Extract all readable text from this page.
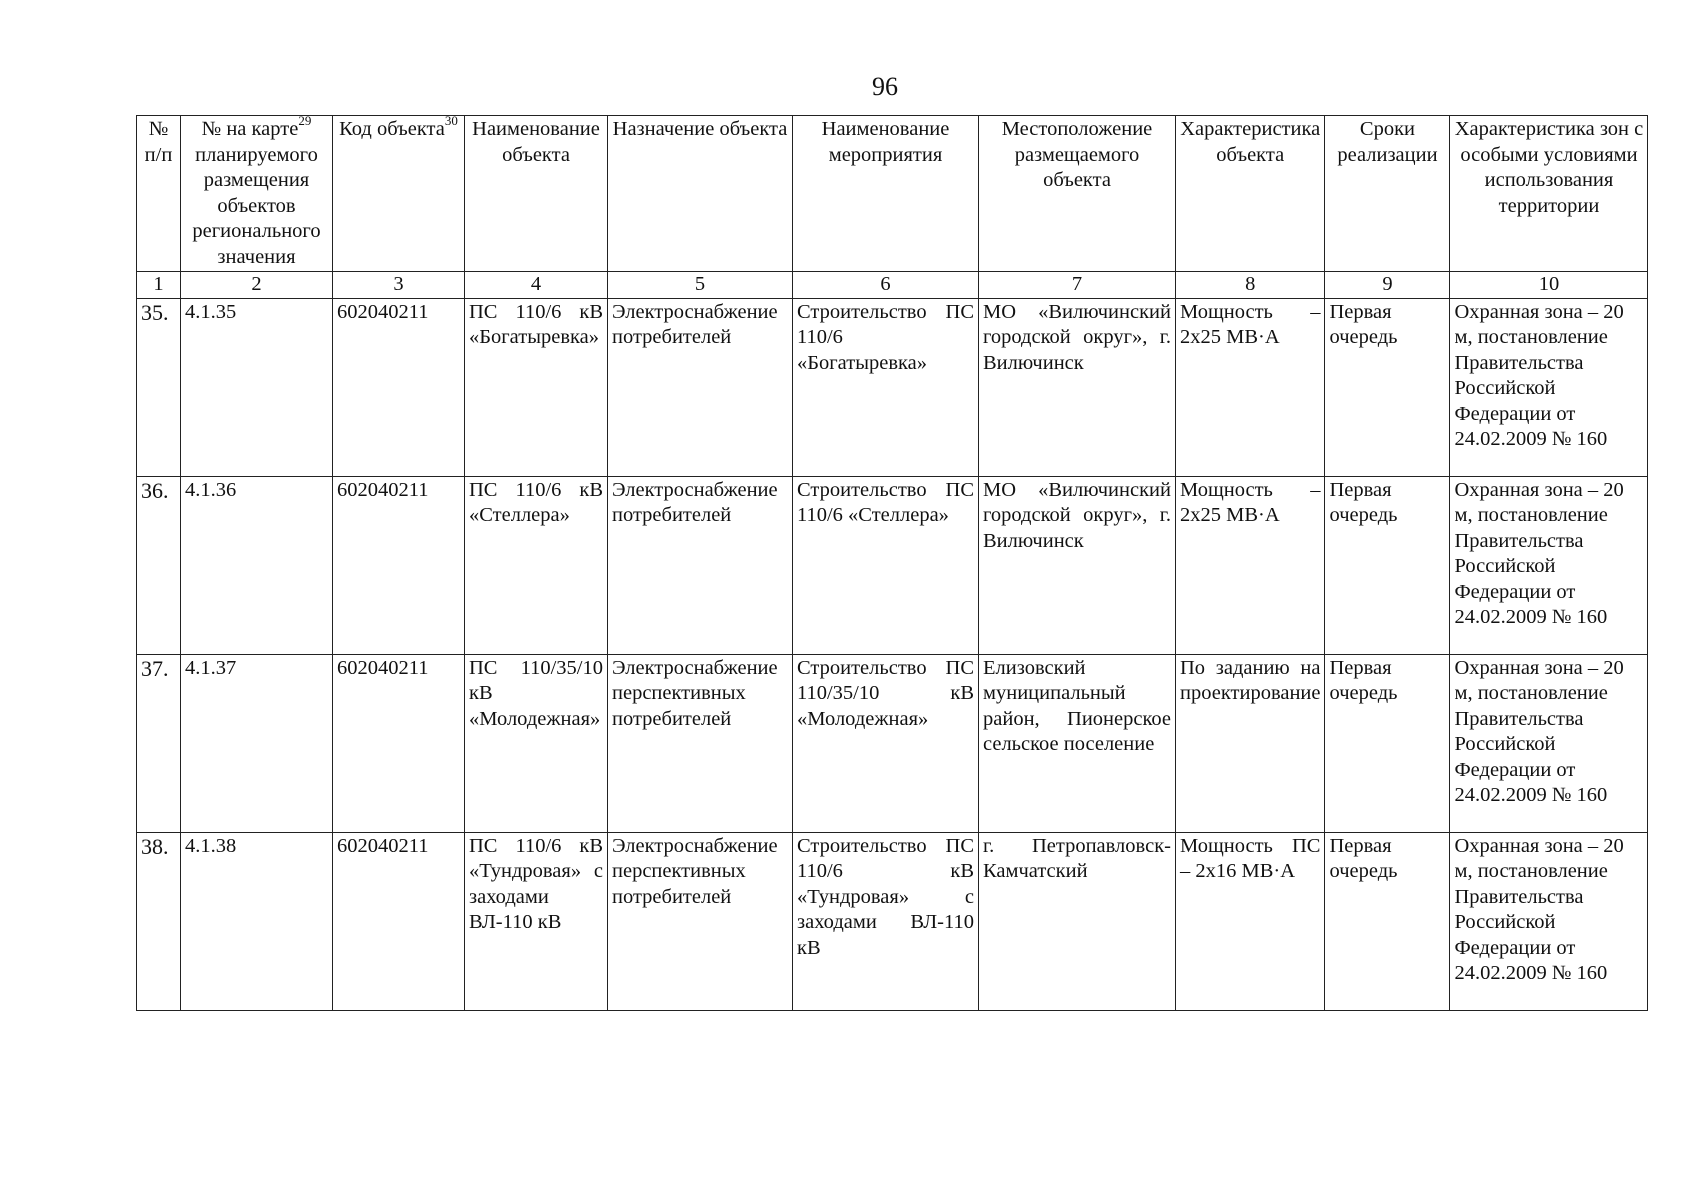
96
№ п/п	№ на карте$^{29}$ планируемого размещения объектов регионального значения	Код объекта$^{30}$	Наименование объекта	Назначение объекта	Наименование мероприятия	Местоположение размещаемого объекта	Характеристика объекта	Сроки реализации	Характеристика зон с особыми условиями использования территории
1	2	3	4	5	6	7	8	9	10
35.	4.1.35	602040211	ПС 110/6 кВ «Богатыревка»	Электроснабжение потребителей	Строительство ПС 110/6 «Богатыревка»	МО «Вилючинский городской округ», г. Вилючинск	Мощность – 2х25 МВ·А	Первая очередь	Охранная зона – 20 м, постановление Правительства Российской Федерации от 24.02.2009 № 160
36.	4.1.36	602040211	ПС 110/6 кВ «Стеллера»	Электроснабжение потребителей	Строительство ПС 110/6 «Стеллера»	МО «Вилючинский городской округ», г. Вилючинск	Мощность – 2х25 МВ·А	Первая очередь	Охранная зона – 20 м, постановление Правительства Российской Федерации от 24.02.2009 № 160
37.	4.1.37	602040211	ПС 110/35/10 кВ «Молодежная»	Электроснабжение перспективных потребителей	Строительство ПС 110/35/10 кВ «Молодежная»	Елизовский муниципальный район, Пионерское сельское поселение	По заданию на проектирование	Первая очередь	Охранная зона – 20 м, постановление Правительства Российской Федерации от 24.02.2009 № 160
38.	4.1.38	602040211	ПС 110/6 кВ «Тундровая» с заходами ВЛ-110 кВ	Электроснабжение перспективных потребителей	Строительство ПС 110/6 кВ «Тундровая» с заходами ВЛ-110 кВ	г. Петропавловск-Камчатский	Мощность ПС – 2х16 МВ·А	Первая очередь	Охранная зона – 20 м, постановление Правительства Российской Федерации от 24.02.2009 № 160
